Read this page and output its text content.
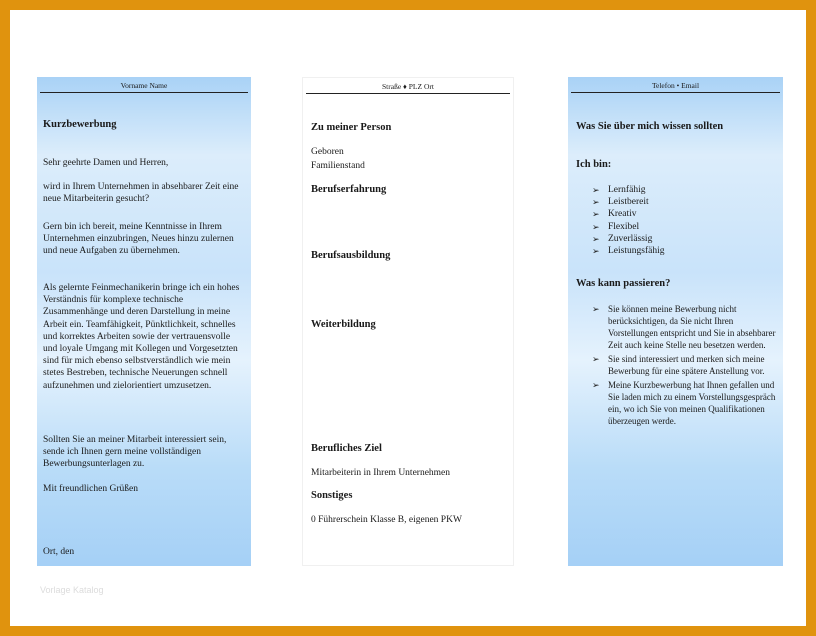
Vorname Name
Kurzbewerbung
Sehr geehrte Damen und Herren,
wird in Ihrem Unternehmen in absehbarer Zeit eine neue Mitarbeiterin gesucht?
Gern bin ich bereit, meine Kenntnisse in Ihrem Unternehmen einzubringen, Neues hinzu zulernen und neue Aufgaben zu übernehmen.
Als gelernte Feinmechanikerin bringe ich ein hohes Verständnis für komplexe technische Zusammenhänge und deren Darstellung in meine Arbeit ein. Teamfähigkeit, Pünktlichkeit, schnelles und korrektes Arbeiten sowie der vertrauensvolle und loyale Umgang mit Kollegen und Vorgesetzten sind für mich ebenso selbstverständlich wie mein stetes Bestreben, technische Neuerungen schnell aufzunehmen und zielorientiert umzusetzen.
Sollten Sie an meiner Mitarbeit interessiert sein, sende ich Ihnen gern meine vollständigen Bewerbungsunterlagen zu.
Mit freundlichen Grüßen
Ort, den
Straße ♦ PLZ Ort
Zu meiner Person
Geboren
Familienstand
Berufserfahrung
Berufsausbildung
Weiterbildung
Berufliches Ziel
Mitarbeiterin in Ihrem Unternehmen
Sonstiges
0 Führerschein Klasse B, eigenen PKW
Telefon • Email
Was Sie über mich wissen sollten
Ich bin:
➢ Lernfähig
➢ Leistbereit
➢ Kreativ
➢ Flexibel
➢ Zuverlässig
➢ Leistungsfähig
Was kann passieren?
➢ Sie können meine Bewerbung nicht berücksichtigen, da Sie nicht Ihren Vorstellungen entspricht und Sie in absehbarer Zeit auch keine Stelle neu besetzen werden.
➢ Sie sind interessiert und merken sich meine Bewerbung für eine spätere Anstellung vor.
➢ Meine Kurzbewerbung hat Ihnen gefallen und Sie laden mich zu einem Vorstellungsgespräch ein, wo ich Sie von meinen Qualifikationen überzeugen werde.
Vorlage Katalog
